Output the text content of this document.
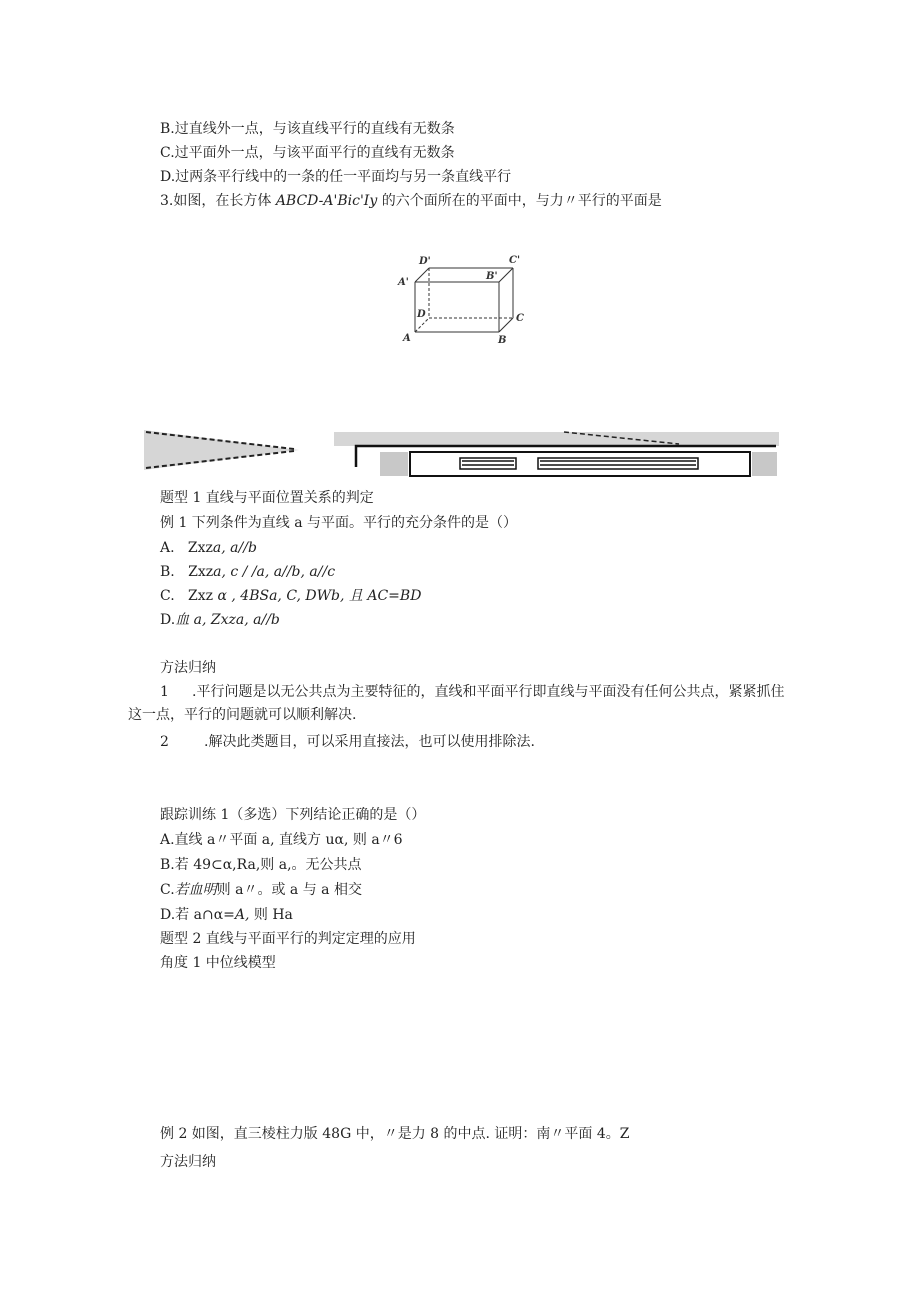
B.过直线外一点，与该直线平行的直线有无数条
C.过平面外一点，与该平面平行的直线有无数条
D.过两条平行线中的一条的任一平面均与另一条直线平行
3.如图，在长方体 ABCD-A'Bic'Iy 的六个面所在的平面中，与力〃平行的平面是
D'	C'
A'
B'
D	C
A	B
题型 1 直线与平面位置关系的判定
例 1 下列条件为直线 a 与平面。平行的充分条件的是（）
A. Zxza, a//b
B. Zxza, c / /a, a//b, a//c
C. Zxz α , 4BSa, C, DWb, 且 AC=BD
D.血 a, Zxza, a//b
方法归纳
1 .平行问题是以无公共点为主要特征的，直线和平面平行即直线与平面没有任何公共点，紧紧抓住这一点，平行的问题就可以顺利解决.
2	.解决此类题目，可以采用直接法，也可以使用排除法.
跟踪训练 1（多选）下列结论正确的是（）
A.直线 a〃平面 a, 直线方 uα, 则 a〃6
B.若 49⊂α,Ra,则 a,。无公共点
C.若血明则 a〃。或 a 与 a 相交
D.若 a∩α=A, 则 Ha
题型 2 直线与平面平行的判定定理的应用
角度 1 中位线模型
例 2 如图，直三棱柱力版 48G 中，〃是力 8 的中点. 证明：南〃平面 4。Z
方法归纳
